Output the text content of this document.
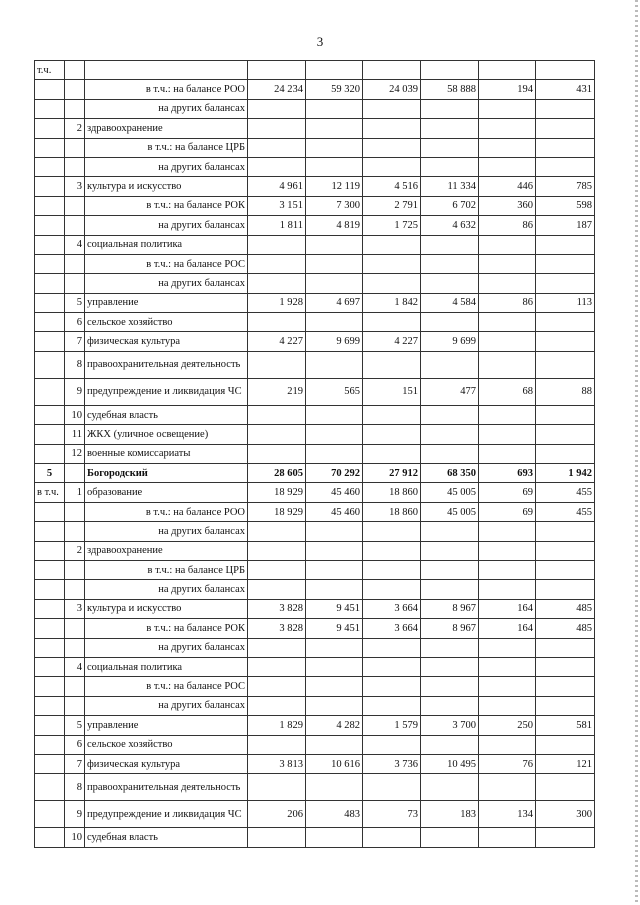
3
т.ч.								
		в т.ч.: на балансе РОО	24 234	59 320	24 039	58 888	194	431
		на других балансах						
	2	здравоохранение						
		в т.ч.: на балансе ЦРБ						
		на других балансах						
	3	культура и искусство	4 961	12 119	4 516	11 334	446	785
		в т.ч.: на балансе РОК	3 151	7 300	2 791	6 702	360	598
		на других балансах	1 811	4 819	1 725	4 632	86	187
	4	социальная политика						
		в т.ч.: на балансе РОС						
		на других балансах						
	5	управление	1 928	4 697	1 842	4 584	86	113
	6	сельское хозяйство						
	7	физическая культура	4 227	9 699	4 227	9 699		
	8	правоохранительная деятельность						
	9	предупреждение и ликвидация ЧС	219	565	151	477	68	88
	10	судебная власть						
	11	ЖКХ (уличное освещение)						
	12	военные комиссариаты						
5		Богородский	28 605	70 292	27 912	68 350	693	1 942
в т.ч.	1	образование	18 929	45 460	18 860	45 005	69	455
		в т.ч.: на балансе РОО	18 929	45 460	18 860	45 005	69	455
		на других балансах						
	2	здравоохранение						
		в т.ч.: на балансе ЦРБ						
		на других балансах						
	3	культура и искусство	3 828	9 451	3 664	8 967	164	485
		в т.ч.: на балансе РОК	3 828	9 451	3 664	8 967	164	485
		на других балансах						
	4	социальная политика						
		в т.ч.: на балансе РОС						
		на других балансах						
	5	управление	1 829	4 282	1 579	3 700	250	581
	6	сельское хозяйство						
	7	физическая культура	3 813	10 616	3 736	10 495	76	121
	8	правоохранительная деятельность						
	9	предупреждение и ликвидация ЧС	206	483	73	183	134	300
	10	судебная власть						
